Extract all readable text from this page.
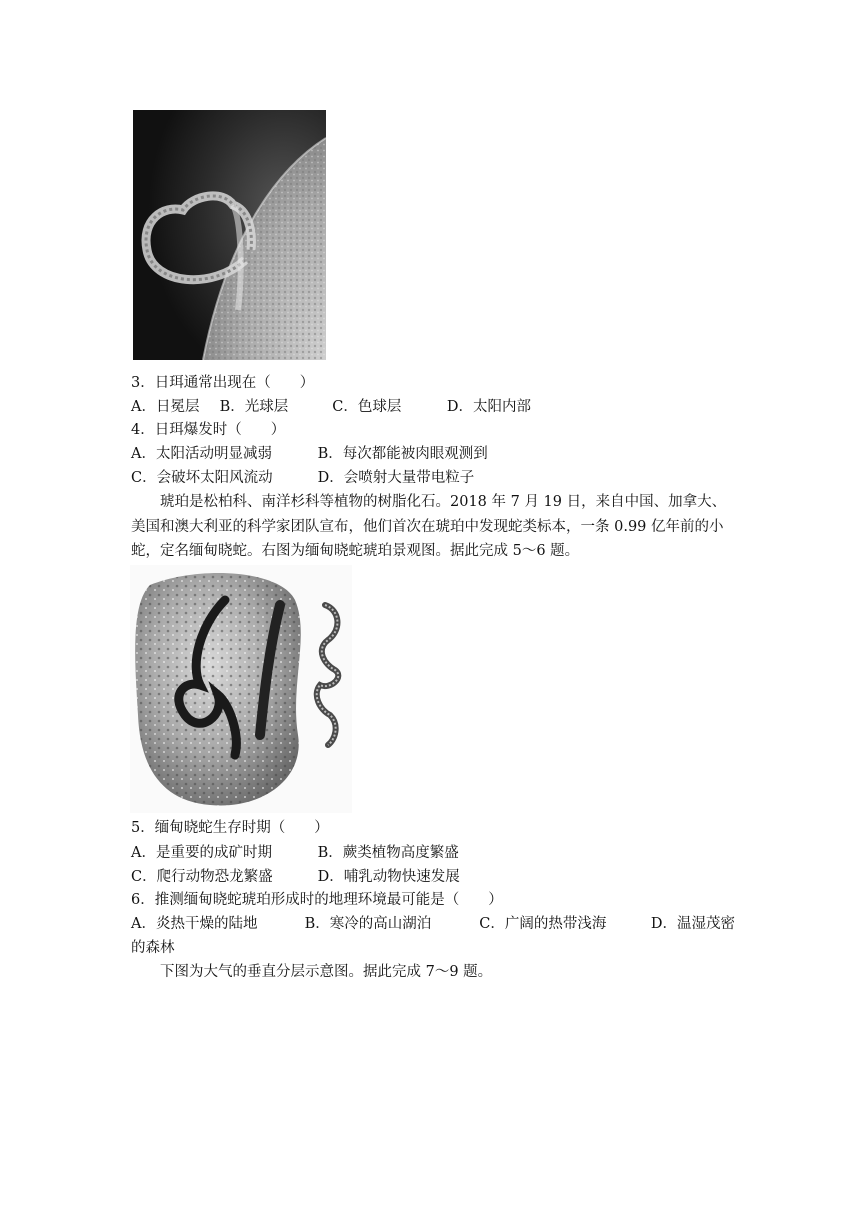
3．日珥通常出现在（　　）
A．日冕层 B．光球层	C．色球层	D．太阳内部
4．日珥爆发时（　　）
A．太阳活动明显减弱	B．每次都能被肉眼观测到
C．会破坏太阳风流动	D．会喷射大量带电粒子
琥珀是松柏科、南洋杉科等植物的树脂化石。2018 年 7 月 19 日，来自中国、加拿大、美国和澳大利亚的科学家团队宣布，他们首次在琥珀中发现蛇类标本，一条 0.99 亿年前的小蛇，定名缅甸晓蛇。右图为缅甸晓蛇琥珀景观图。据此完成 5～6 题。
5．缅甸晓蛇生存时期（　　）
A．是重要的成矿时期	B．蕨类植物高度繁盛
C．爬行动物恐龙繁盛	D．哺乳动物快速发展
6．推测缅甸晓蛇琥珀形成时的地理环境最可能是（　　）
A．炎热干燥的陆地	B．寒冷的高山湖泊	C．广阔的热带浅海	D．温湿茂密
的森林
下图为大气的垂直分层示意图。据此完成 7～9 题。
